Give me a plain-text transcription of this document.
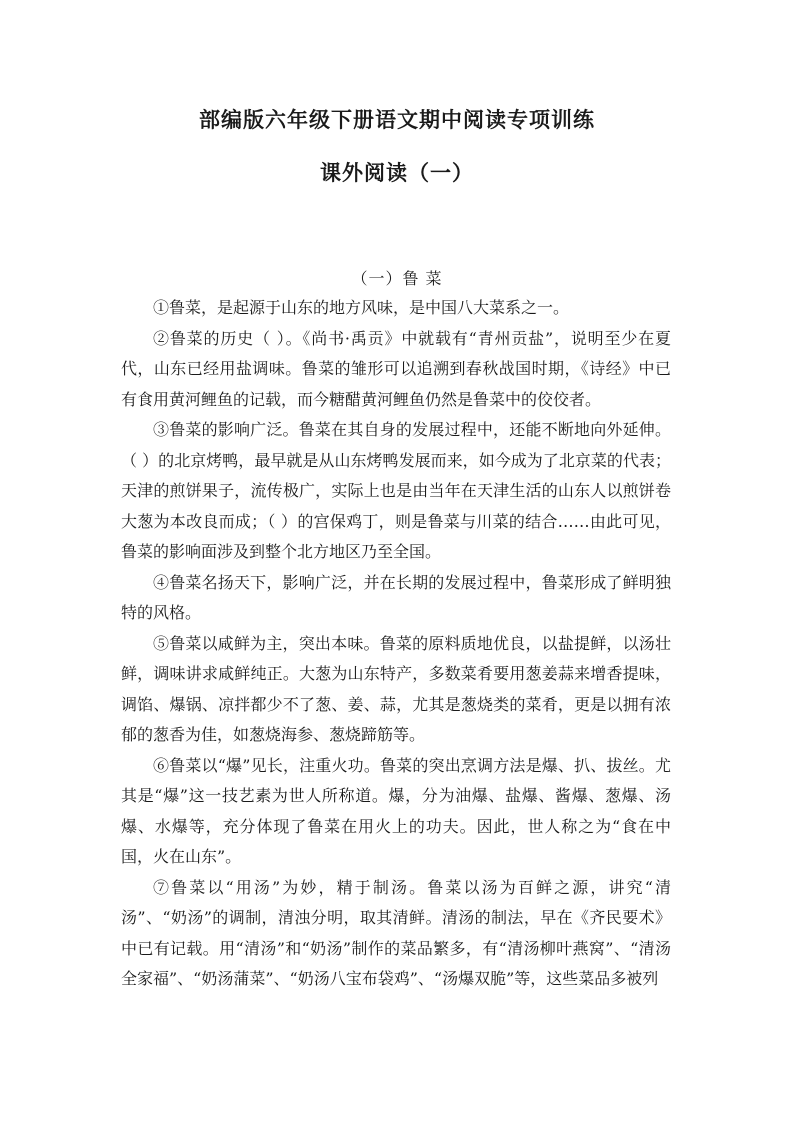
部编版六年级下册语文期中阅读专项训练
课外阅读（一）
（一）鲁 菜

①鲁菜，是起源于山东的地方风味，是中国八大菜系之一。

②鲁菜的历史（ ）。《尚书·禹贡》中就载有“青州贡盐”，说明至少在夏代，山东已经用盐调味。鲁菜的雏形可以追溯到春秋战国时期，《诗经》中已有食用黄河鲤鱼的记载，而今糖醋黄河鲤鱼仍然是鲁菜中的佼佼者。

③鲁菜的影响广泛。鲁菜在其自身的发展过程中，还能不断地向外延伸。（ ）的北京烤鸭，最早就是从山东烤鸭发展而来，如今成为了北京菜的代表；天津的煎饼果子，流传极广，实际上也是由当年在天津生活的山东人以煎饼卷大葱为本改良而成；（ ）的宫保鸡丁，则是鲁菜与川菜的结合……由此可见，鲁菜的影响面涉及到整个北方地区乃至全国。

④鲁菜名扬天下，影响广泛，并在长期的发展过程中，鲁菜形成了鲜明独特的风格。

⑤鲁菜以咸鲜为主，突出本味。鲁菜的原料质地优良，以盐提鲜，以汤壮鲜，调味讲求咸鲜纯正。大葱为山东特产，多数菜肴要用葱姜蒜来增香提味，调馅、爆锅、凉拌都少不了葱、姜、蒜，尤其是葱烧类的菜肴，更是以拥有浓郁的葱香为佳，如葱烧海参、葱烧蹄筋等。

⑥鲁菜以“爆”见长，注重火功。鲁菜的突出烹调方法是爆、扒、拔丝。尤其是“爆”这一技艺素为世人所称道。爆，分为油爆、盐爆、酱爆、葱爆、汤爆、水爆等，充分体现了鲁菜在用火上的功夫。因此，世人称之为“食在中国，火在山东”。

⑦鲁菜以“用汤”为妙，精于制汤。鲁菜以汤为百鲜之源，讲究“清汤”、“奶汤”的调制，清浊分明，取其清鲜。清汤的制法，早在《齐民要术》中已有记载。用“清汤”和“奶汤”制作的菜品繁多，有“清汤柳叶燕窝”、“清汤全家福”、“奶汤蒲菜”、“奶汤八宝布袋鸡”、“汤爆双脆”等，这些菜品多被列
